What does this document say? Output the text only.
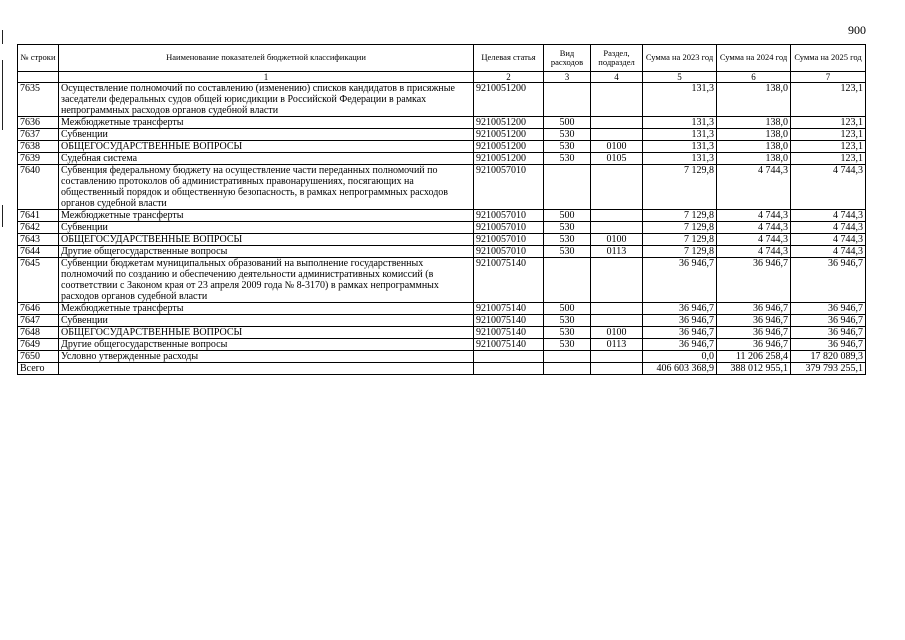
900
№ строки	Наименование показателей бюджетной классификации	Целевая статья	Вид расходов	Раздел, подраздел	Сумма на 2023 год	Сумма на 2024 год	Сумма на 2025 год
	1	2	3	4	5	6	7
7635	Осуществление полномочий по составлению (изменению) списков кандидатов в присяжные заседатели федеральных судов общей юрисдикции в Российской Федерации в рамках непрограммных расходов органов судебной власти	9210051200			131,3	138,0	123,1
7636	Межбюджетные трансферты	9210051200	500		131,3	138,0	123,1
7637	Субвенции	9210051200	530		131,3	138,0	123,1
7638	ОБЩЕГОСУДАРСТВЕННЫЕ ВОПРОСЫ	9210051200	530	0100	131,3	138,0	123,1
7639	Судебная система	9210051200	530	0105	131,3	138,0	123,1
7640	Субвенция федеральному бюджету на осуществление части переданных полномочий по составлению протоколов об административных правонарушениях, посягающих на общественный порядок и общественную безопасность, в рамках непрограммных расходов органов судебной власти	9210057010			7 129,8	4 744,3	4 744,3
7641	Межбюджетные трансферты	9210057010	500		7 129,8	4 744,3	4 744,3
7642	Субвенции	9210057010	530		7 129,8	4 744,3	4 744,3
7643	ОБЩЕГОСУДАРСТВЕННЫЕ ВОПРОСЫ	9210057010	530	0100	7 129,8	4 744,3	4 744,3
7644	Другие общегосударственные вопросы	9210057010	530	0113	7 129,8	4 744,3	4 744,3
7645	Субвенции бюджетам муниципальных образований на выполнение государственных полномочий по созданию и обеспечению деятельности административных комиссий (в соответствии с Законом края от 23 апреля 2009 года № 8-3170) в рамках непрограммных расходов органов судебной власти	9210075140			36 946,7	36 946,7	36 946,7
7646	Межбюджетные трансферты	9210075140	500		36 946,7	36 946,7	36 946,7
7647	Субвенции	9210075140	530		36 946,7	36 946,7	36 946,7
7648	ОБЩЕГОСУДАРСТВЕННЫЕ ВОПРОСЫ	9210075140	530	0100	36 946,7	36 946,7	36 946,7
7649	Другие общегосударственные вопросы	9210075140	530	0113	36 946,7	36 946,7	36 946,7
7650	Условно утвержденные расходы				0,0	11 206 258,4	17 820 089,3
Всего					406 603 368,9	388 012 955,1	379 793 255,1
